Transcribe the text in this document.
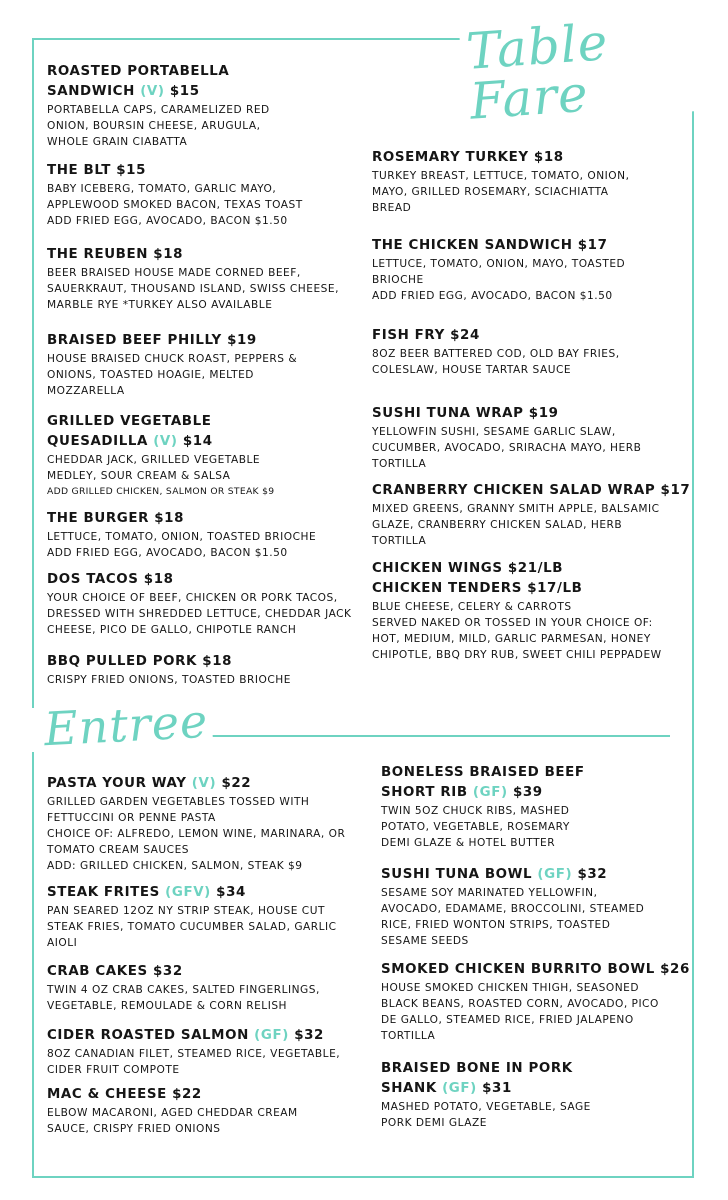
Table Fare
Entree
ROASTED PORTABELLA
SANDWICH (V) $15
PORTABELLA CAPS, CARAMELIZED RED
ONION, BOURSIN CHEESE, ARUGULA,
WHOLE GRAIN CIABATTA
THE BLT $15
BABY ICEBERG, TOMATO, GARLIC MAYO,
APPLEWOOD SMOKED BACON, TEXAS TOAST
ADD FRIED EGG, AVOCADO, BACON $1.50
THE REUBEN $18
BEER BRAISED HOUSE MADE CORNED BEEF,
SAUERKRAUT, THOUSAND ISLAND, SWISS CHEESE,
MARBLE RYE *TURKEY ALSO AVAILABLE
BRAISED BEEF PHILLY $19
HOUSE BRAISED CHUCK ROAST, PEPPERS &
ONIONS, TOASTED HOAGIE, MELTED
MOZZARELLA
GRILLED VEGETABLE
QUESADILLA (V) $14
CHEDDAR JACK, GRILLED VEGETABLE
MEDLEY, SOUR CREAM & SALSA
ADD GRILLED CHICKEN, SALMON OR STEAK $9
THE BURGER $18
LETTUCE, TOMATO, ONION, TOASTED BRIOCHE
ADD FRIED EGG, AVOCADO, BACON $1.50
DOS TACOS $18
YOUR CHOICE OF BEEF, CHICKEN OR PORK TACOS,
DRESSED WITH SHREDDED LETTUCE, CHEDDAR JACK
CHEESE, PICO DE GALLO, CHIPOTLE RANCH
BBQ PULLED PORK $18
CRISPY FRIED ONIONS, TOASTED BRIOCHE
ROSEMARY TURKEY $18
TURKEY BREAST, LETTUCE, TOMATO, ONION,
MAYO, GRILLED ROSEMARY, SCIACHIATTA
BREAD
THE CHICKEN SANDWICH $17
LETTUCE, TOMATO, ONION, MAYO, TOASTED
BRIOCHE
ADD FRIED EGG, AVOCADO, BACON $1.50
FISH FRY $24
8OZ BEER BATTERED COD, OLD BAY FRIES,
COLESLAW, HOUSE TARTAR SAUCE
SUSHI TUNA WRAP $19
YELLOWFIN SUSHI, SESAME GARLIC SLAW,
CUCUMBER, AVOCADO, SRIRACHA MAYO, HERB
TORTILLA
CRANBERRY CHICKEN SALAD WRAP $17
MIXED GREENS, GRANNY SMITH APPLE, BALSAMIC
GLAZE, CRANBERRY CHICKEN SALAD, HERB
TORTILLA
CHICKEN WINGS $21/LB
CHICKEN TENDERS $17/LB
BLUE CHEESE, CELERY & CARROTS
SERVED NAKED OR TOSSED IN YOUR CHOICE OF:
HOT, MEDIUM, MILD, GARLIC PARMESAN, HONEY
CHIPOTLE, BBQ DRY RUB, SWEET CHILI PEPPADEW
PASTA YOUR WAY (V) $22
GRILLED GARDEN VEGETABLES TOSSED WITH
FETTUCCINI OR PENNE PASTA
CHOICE OF: ALFREDO, LEMON WINE, MARINARA, OR
TOMATO CREAM SAUCES
ADD: GRILLED CHICKEN, SALMON, STEAK $9
STEAK FRITES (GFV) $34
PAN SEARED 12OZ NY STRIP STEAK, HOUSE CUT
STEAK FRIES, TOMATO CUCUMBER SALAD, GARLIC
AIOLI
CRAB CAKES $32
TWIN 4 OZ CRAB CAKES, SALTED FINGERLINGS,
VEGETABLE, REMOULADE & CORN RELISH
CIDER ROASTED SALMON (GF) $32
8OZ CANADIAN FILET, STEAMED RICE, VEGETABLE,
CIDER FRUIT COMPOTE
MAC & CHEESE $22
ELBOW MACARONI, AGED CHEDDAR CREAM
SAUCE, CRISPY FRIED ONIONS
BONELESS BRAISED BEEF
SHORT RIB (GF) $39
TWIN 5OZ CHUCK RIBS, MASHED
POTATO, VEGETABLE, ROSEMARY
DEMI GLAZE & HOTEL BUTTER
SUSHI TUNA BOWL (GF) $32
SESAME SOY MARINATED YELLOWFIN,
AVOCADO, EDAMAME, BROCCOLINI, STEAMED
RICE, FRIED WONTON STRIPS, TOASTED
SESAME SEEDS
SMOKED CHICKEN BURRITO BOWL $26
HOUSE SMOKED CHICKEN THIGH, SEASONED
BLACK BEANS, ROASTED CORN, AVOCADO, PICO
DE GALLO, STEAMED RICE, FRIED JALAPENO
TORTILLA
BRAISED BONE IN PORK
SHANK (GF) $31
MASHED POTATO, VEGETABLE, SAGE
PORK DEMI GLAZE
